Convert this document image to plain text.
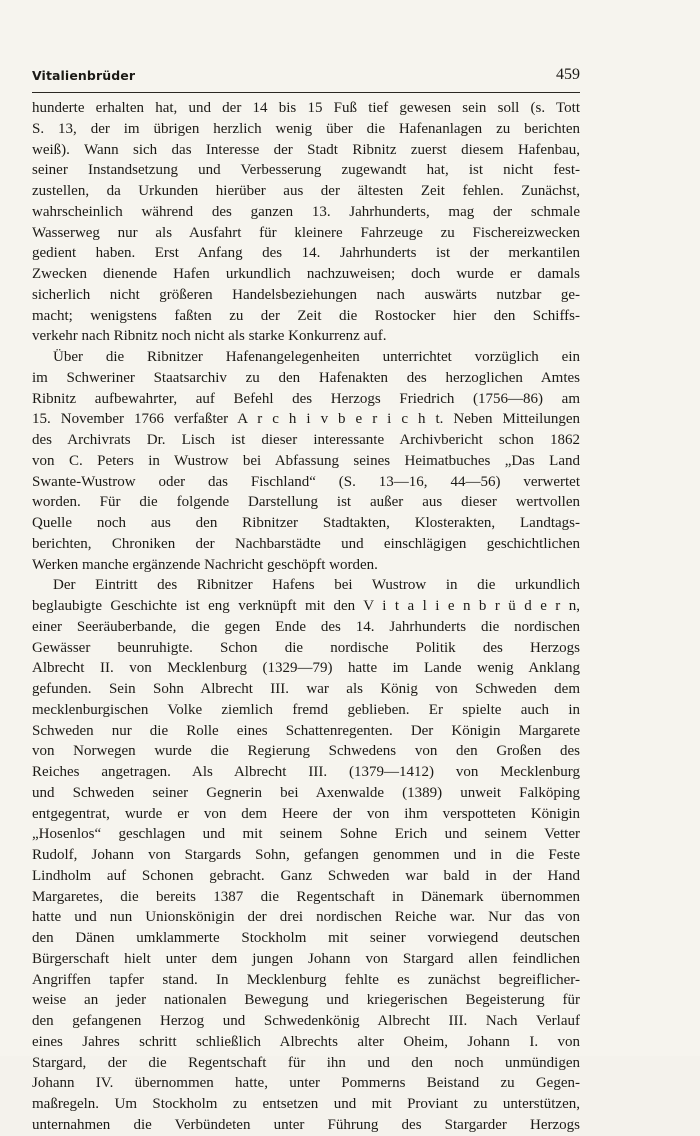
Vitalienbrüder	459
hunderte erhalten hat, und der 14 bis 15 Fuß tief gewesen sein soll (s. Tott
S. 13, der im übrigen herzlich wenig über die Hafenanlagen zu berichten
weiß). Wann sich das Interesse der Stadt Ribnitz zuerst diesem Hafenbau,
seiner Instandsetzung und Verbesserung zugewandt hat, ist nicht fest-
zustellen, da Urkunden hierüber aus der ältesten Zeit fehlen. Zunächst,
wahrscheinlich während des ganzen 13. Jahrhunderts, mag der schmale
Wasserweg nur als Ausfahrt für kleinere Fahrzeuge zu Fischereizwecken
gedient haben. Erst Anfang des 14. Jahrhunderts ist der merkantilen
Zwecken dienende Hafen urkundlich nachzuweisen; doch wurde er damals
sicherlich nicht größeren Handelsbeziehungen nach auswärts nutzbar ge-
macht; wenigstens faßten zu der Zeit die Rostocker hier den Schiffs-
verkehr nach Ribnitz noch nicht als starke Konkurrenz auf.
Über die Ribnitzer Hafenangelegenheiten unterrichtet vorzüglich ein
im Schweriner Staatsarchiv zu den Hafenakten des herzoglichen Amtes
Ribnitz aufbewahrter, auf Befehl des Herzogs Friedrich (1756—86) am
15. November 1766 verfaßter A r c h i v b e r i c h t. Neben Mitteilungen
des Archivrats Dr. Lisch ist dieser interessante Archivbericht schon 1862
von C. Peters in Wustrow bei Abfassung seines Heimatbuches „Das Land
Swante-Wustrow oder das Fischland“ (S. 13—16, 44—56) verwertet
worden. Für die folgende Darstellung ist außer aus dieser wertvollen
Quelle noch aus den Ribnitzer Stadtakten, Klosterakten, Landtags-
berichten, Chroniken der Nachbarstädte und einschlägigen geschichtlichen
Werken manche ergänzende Nachricht geschöpft worden.
Der Eintritt des Ribnitzer Hafens bei Wustrow in die urkundlich
beglaubigte Geschichte ist eng verknüpft mit den V i t a l i e n b r ü d e r n,
einer Seeräuberbande, die gegen Ende des 14. Jahrhunderts die nordischen
Gewässer beunruhigte. Schon die nordische Politik des Herzogs
Albrecht II. von Mecklenburg (1329—79) hatte im Lande wenig Anklang
gefunden. Sein Sohn Albrecht III. war als König von Schweden dem
mecklenburgischen Volke ziemlich fremd geblieben. Er spielte auch in
Schweden nur die Rolle eines Schattenregenten. Der Königin Margarete
von Norwegen wurde die Regierung Schwedens von den Großen des
Reiches angetragen. Als Albrecht III. (1379—1412) von Mecklenburg
und Schweden seiner Gegnerin bei Axenwalde (1389) unweit Falköping
entgegentrat, wurde er von dem Heere der von ihm verspotteten Königin
„Hosenlos“ geschlagen und mit seinem Sohne Erich und seinem Vetter
Rudolf, Johann von Stargards Sohn, gefangen genommen und in die Feste
Lindholm auf Schonen gebracht. Ganz Schweden war bald in der Hand
Margaretes, die bereits 1387 die Regentschaft in Dänemark übernommen
hatte und nun Unionskönigin der drei nordischen Reiche war. Nur das von
den Dänen umklammerte Stockholm mit seiner vorwiegend deutschen
Bürgerschaft hielt unter dem jungen Johann von Stargard allen feindlichen
Angriffen tapfer stand. In Mecklenburg fehlte es zunächst begreiflicher-
weise an jeder nationalen Bewegung und kriegerischen Begeisterung für
den gefangenen Herzog und Schwedenkönig Albrecht III. Nach Verlauf
eines Jahres schritt schließlich Albrechts alter Oheim, Johann I. von
Stargard, der die Regentschaft für ihn und den noch unmündigen
Johann IV. übernommen hatte, unter Pommerns Beistand zu Gegen-
maßregeln. Um Stockholm zu entsetzen und mit Proviant zu unterstützen,
unternahmen die Verbündeten unter Führung des Stargarder Herzogs
